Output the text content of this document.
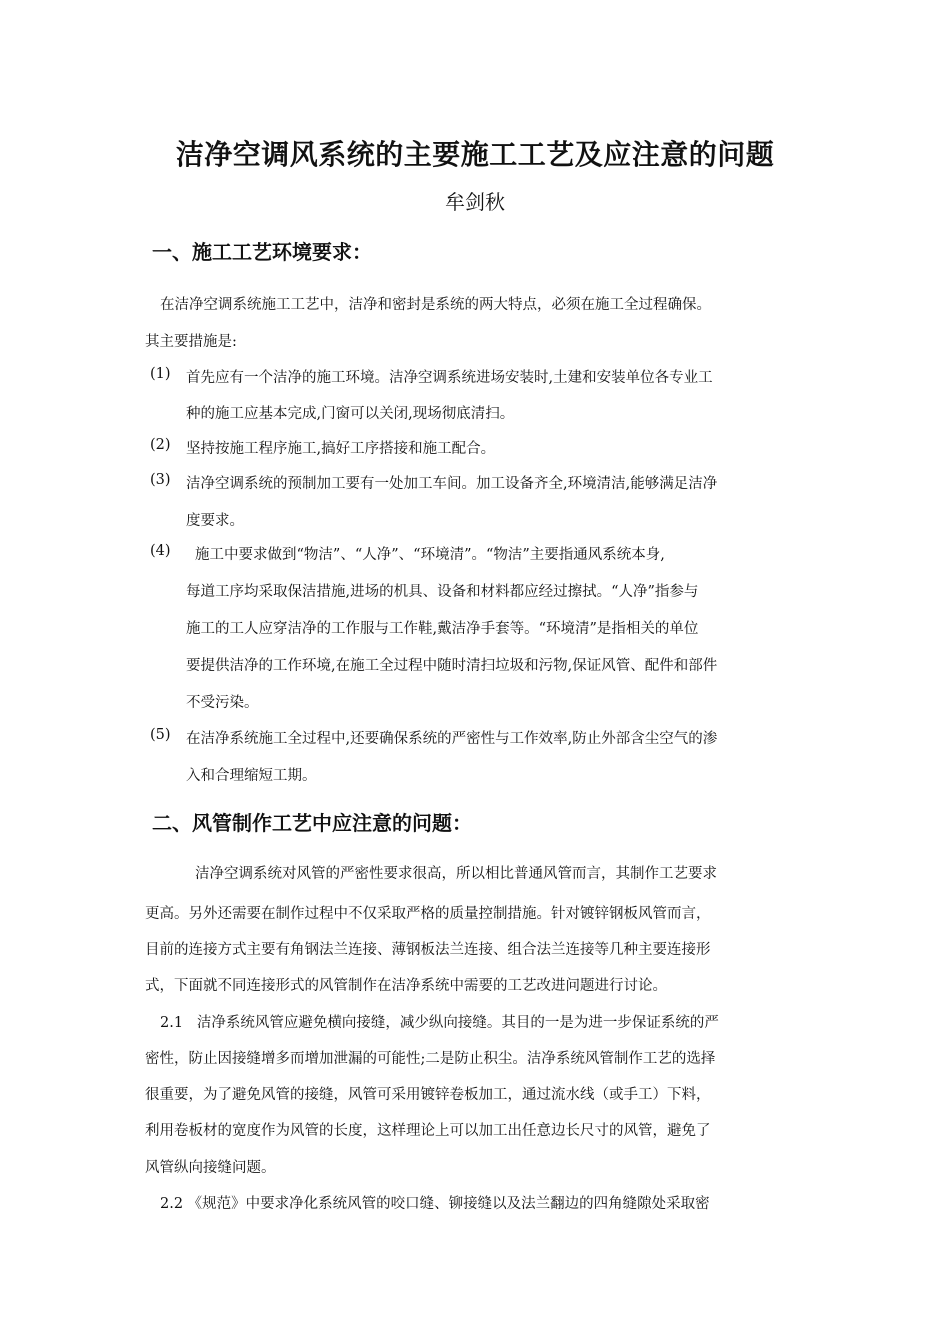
洁净空调风系统的主要施工工艺及应注意的问题
牟剑秋
一、施工工艺环境要求：
在洁净空调系统施工工艺中，洁净和密封是系统的两大特点，必须在施工全过程确保。
其主要措施是:
(1) 首先应有一个洁净的施工环境。洁净空调系统进场安装时,土建和安装单位各专业工
种的施工应基本完成,门窗可以关闭,现场彻底清扫。
(2) 坚持按施工程序施工,搞好工序搭接和施工配合。
(3) 洁净空调系统的预制加工要有一处加工车间。加工设备齐全,环境清洁,能够满足洁净
度要求。
(4) 施工中要求做到“物洁”、“人净”、“环境清”。“物洁”主要指通风系统本身,
每道工序均采取保洁措施,进场的机具、设备和材料都应经过擦拭。“人净”指参与
施工的工人应穿洁净的工作服与工作鞋,戴洁净手套等。“环境清”是指相关的单位
要提供洁净的工作环境,在施工全过程中随时清扫垃圾和污物,保证风管、配件和部件
不受污染。
(5) 在洁净系统施工全过程中,还要确保系统的严密性与工作效率,防止外部含尘空气的渗
入和合理缩短工期。
二、风管制作工艺中应注意的问题：
洁净空调系统对风管的严密性要求很高，所以相比普通风管而言，其制作工艺要求
更高。另外还需要在制作过程中不仅采取严格的质量控制措施。针对镀锌钢板风管而言，
目前的连接方式主要有角钢法兰连接、薄钢板法兰连接、组合法兰连接等几种主要连接形
式，下面就不同连接形式的风管制作在洁净系统中需要的工艺改进问题进行讨论。
2.1   洁净系统风管应避免横向接缝，减少纵向接缝。其目的一是为进一步保证系统的严
密性，防止因接缝增多而增加泄漏的可能性;二是防止积尘。洁净系统风管制作工艺的选择
很重要，为了避免风管的接缝，风管可采用镀锌卷板加工，通过流水线（或手工）下料，
利用卷板材的宽度作为风管的长度，这样理论上可以加工出任意边长尺寸的风管，避免了
风管纵向接缝问题。
2.2 《规范》中要求净化系统风管的咬口缝、铆接缝以及法兰翻边的四角缝隙处采取密
